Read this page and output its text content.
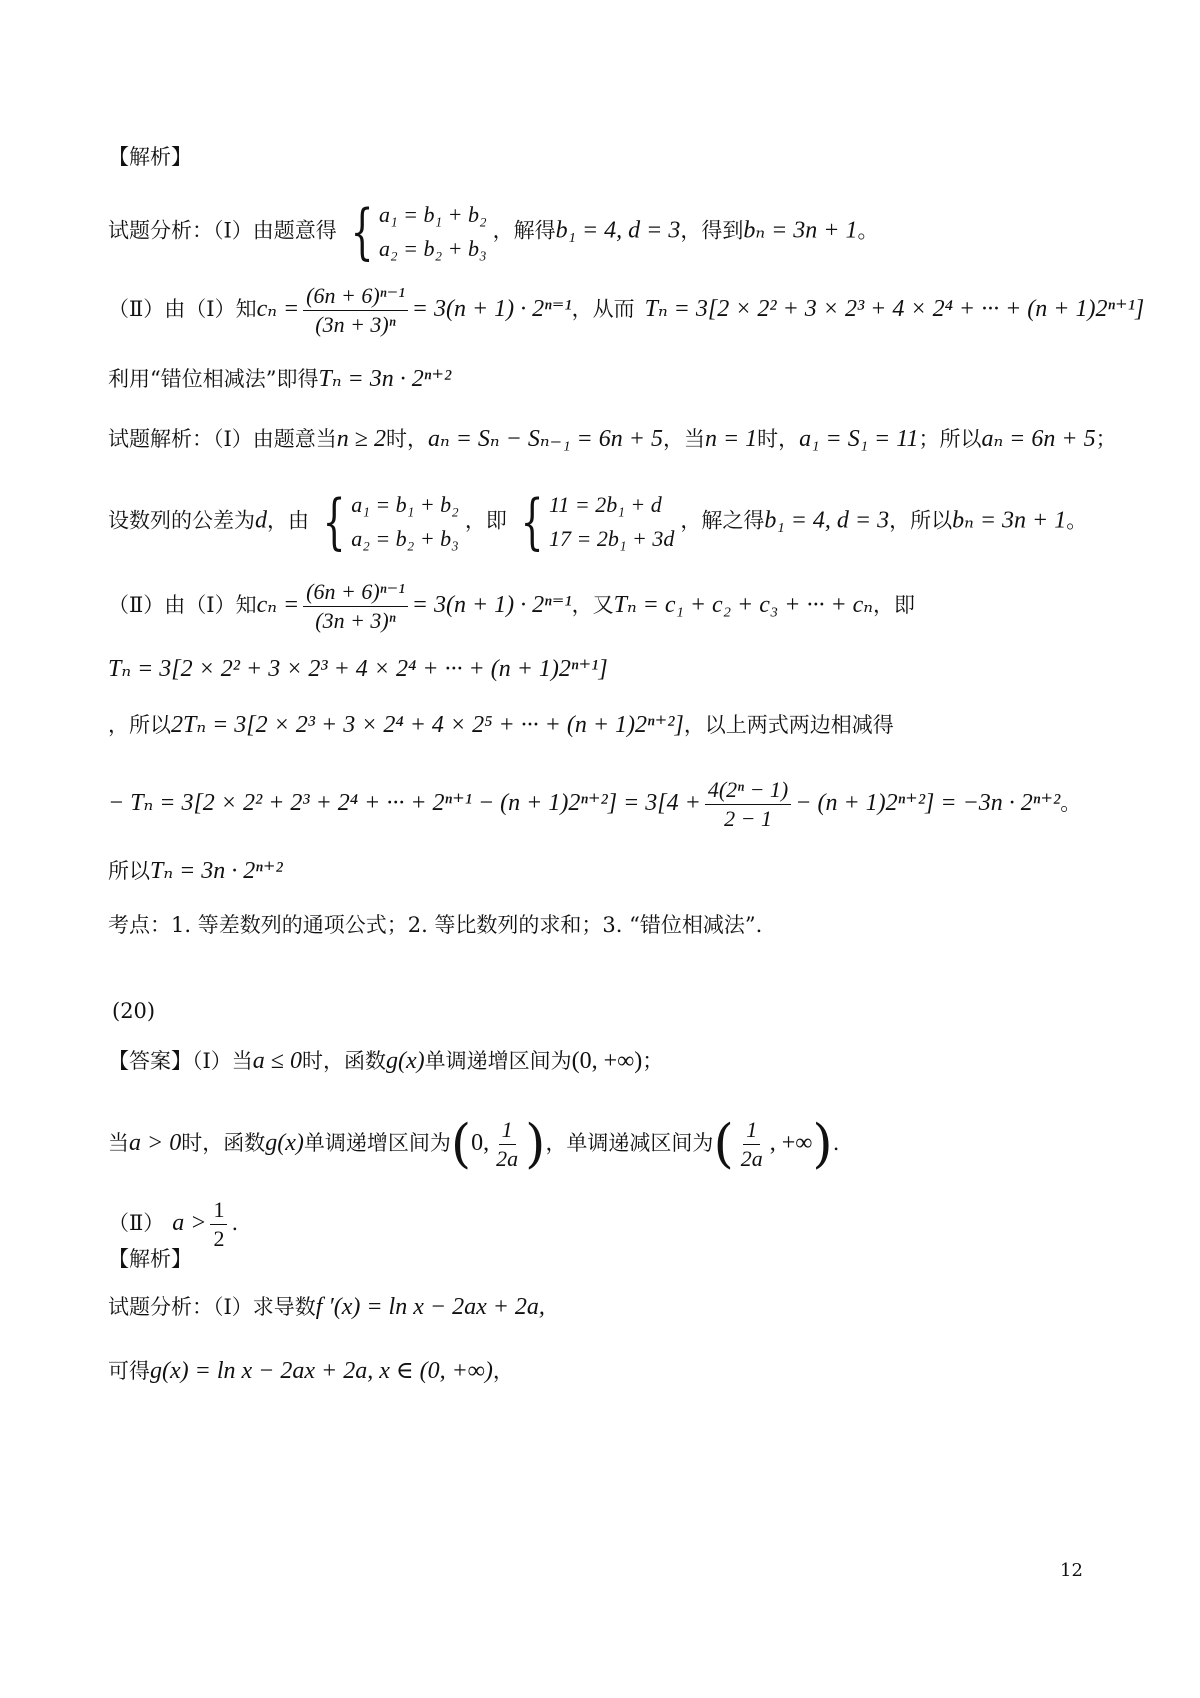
【解析】
试题分析：（Ⅰ）由题意得 { a₁ = b₁ + b₂
a₂ = b₂ + b₃
，解得b₁ = 4, d = 3，得到bₙ = 3n + 1。
（Ⅱ）由（Ⅰ）知$c_n = \frac{\text{(6n + 6)ⁿ⁻¹}}{\text{(3n + 3)ⁿ}} = 3(n + 1) \cdot 2^{n=1}$，从而 Tₙ = 3[2 × 2² + 3 × 2³ + 4 × 2⁴ + ··· + (n + 1)2ⁿ⁺¹]
利用“错位相减法”即得Tₙ = 3n · 2ⁿ⁺²
试题解析：（Ⅰ）由题意当n ≥ 2时，aₙ = Sₙ − Sₙ₋₁ = 6n + 5，当n = 1时，a₁ = S₁ = 11；所以aₙ = 6n + 5；
设数列的公差为d，由 { a₁ = b₁ + b₂
a₂ = b₂ + b₃
，即 { 11 = 2b₁ + d
17 = 2b₁ + 3d
，解之得b₁ = 4, d = 3，所以bₙ = 3n + 1。
（Ⅱ）由（Ⅰ）知$c_n = \frac{\text{(6n + 6)ⁿ⁻¹}}{\text{(3n + 3)ⁿ}} = 3(n + 1) \cdot 2^{n=1}$，又Tₙ = c₁ + c₂ + c₃ + ··· + cₙ，即
Tₙ = 3[2 × 2² + 3 × 2³ + 4 × 2⁴ + ··· + (n + 1)2ⁿ⁺¹]
，所以2Tₙ = 3[2 × 2³ + 3 × 2⁴ + 4 × 2⁵ + ··· + (n + 1)2ⁿ⁺²]，以上两式两边相减得
− Tₙ = 3[2 × 2² + 2³ + 2⁴ + ··· + $2^{n+1} - (n + 1)2^{n+2}] = 3[4 + \frac{\text{4(2ⁿ − 1)}}{2 - 1} - (n + 1)2^{n+2}] = -3n \cdot 2^{n+2}$。
所以Tₙ = 3n · 2ⁿ⁺²
考点：1. 等差数列的通项公式；2. 等比数列的求和；3. “错位相减法”.
(20)
【答案】（Ⅰ）当a ≤ 0时，函数g(x)单调递增区间为(0, +∞)；
当a > 0时，函数g(x)单调递增区间为(0, $\frac{1}{2a}$ )，单调递减区间为( $\frac{1}{2a}$ , +∞).
（Ⅱ） $a > \frac{1}{2}$ .
【解析】
试题分析：（Ⅰ）求导数f ′(x) = ln x − 2ax + 2a,
可得g(x) = ln x − 2ax + 2a, x ∈ (0, +∞)，
12
